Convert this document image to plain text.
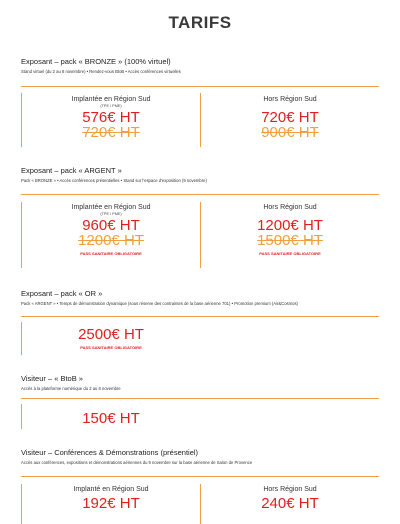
TARIFS
Exposant – pack « BRONZE » (100% virtuel)
Stand virtuel (du 2 au 8 novembre) • Rendez-vous BtoB • Accès conférences virtuelles
Implantée en Région Sud
(TPE / PME)
576€ HT
720€ HT
Hors Région Sud
720€ HT
900€ HT
Exposant – pack « ARGENT »
Pack « BRONZE » • Accès conférences présentielles • Stand sur l'espace d'exposition (9 novembre)
Implantée en Région Sud
(TPE / PME)
960€ HT
1200€ HT
PASS SANITAIRE OBLIGATOIRE
Hors Région Sud
1200€ HT
1500€ HT
PASS SANITAIRE OBLIGATOIRE
Exposant – pack « OR »
Pack « ARGENT » • Temps de démonstration dynamique (sous réserve des contraintes de la base aérienne 701) • Promotion premium (Air&Cosmos)
2500€ HT
PASS SANITAIRE OBLIGATOIRE
Visiteur – « BtoB »
Accès à la plateforme numérique du 2 au 8 novembre
150€ HT
Visiteur – Conférences & Démonstrations (présentiel)
Accès aux conférences, expositions et démonstrations aériennes du 9 novembre sur la base aérienne de Salon de Provence
Implanté en Région Sud
192€ HT
Hors Région Sud
240€ HT
